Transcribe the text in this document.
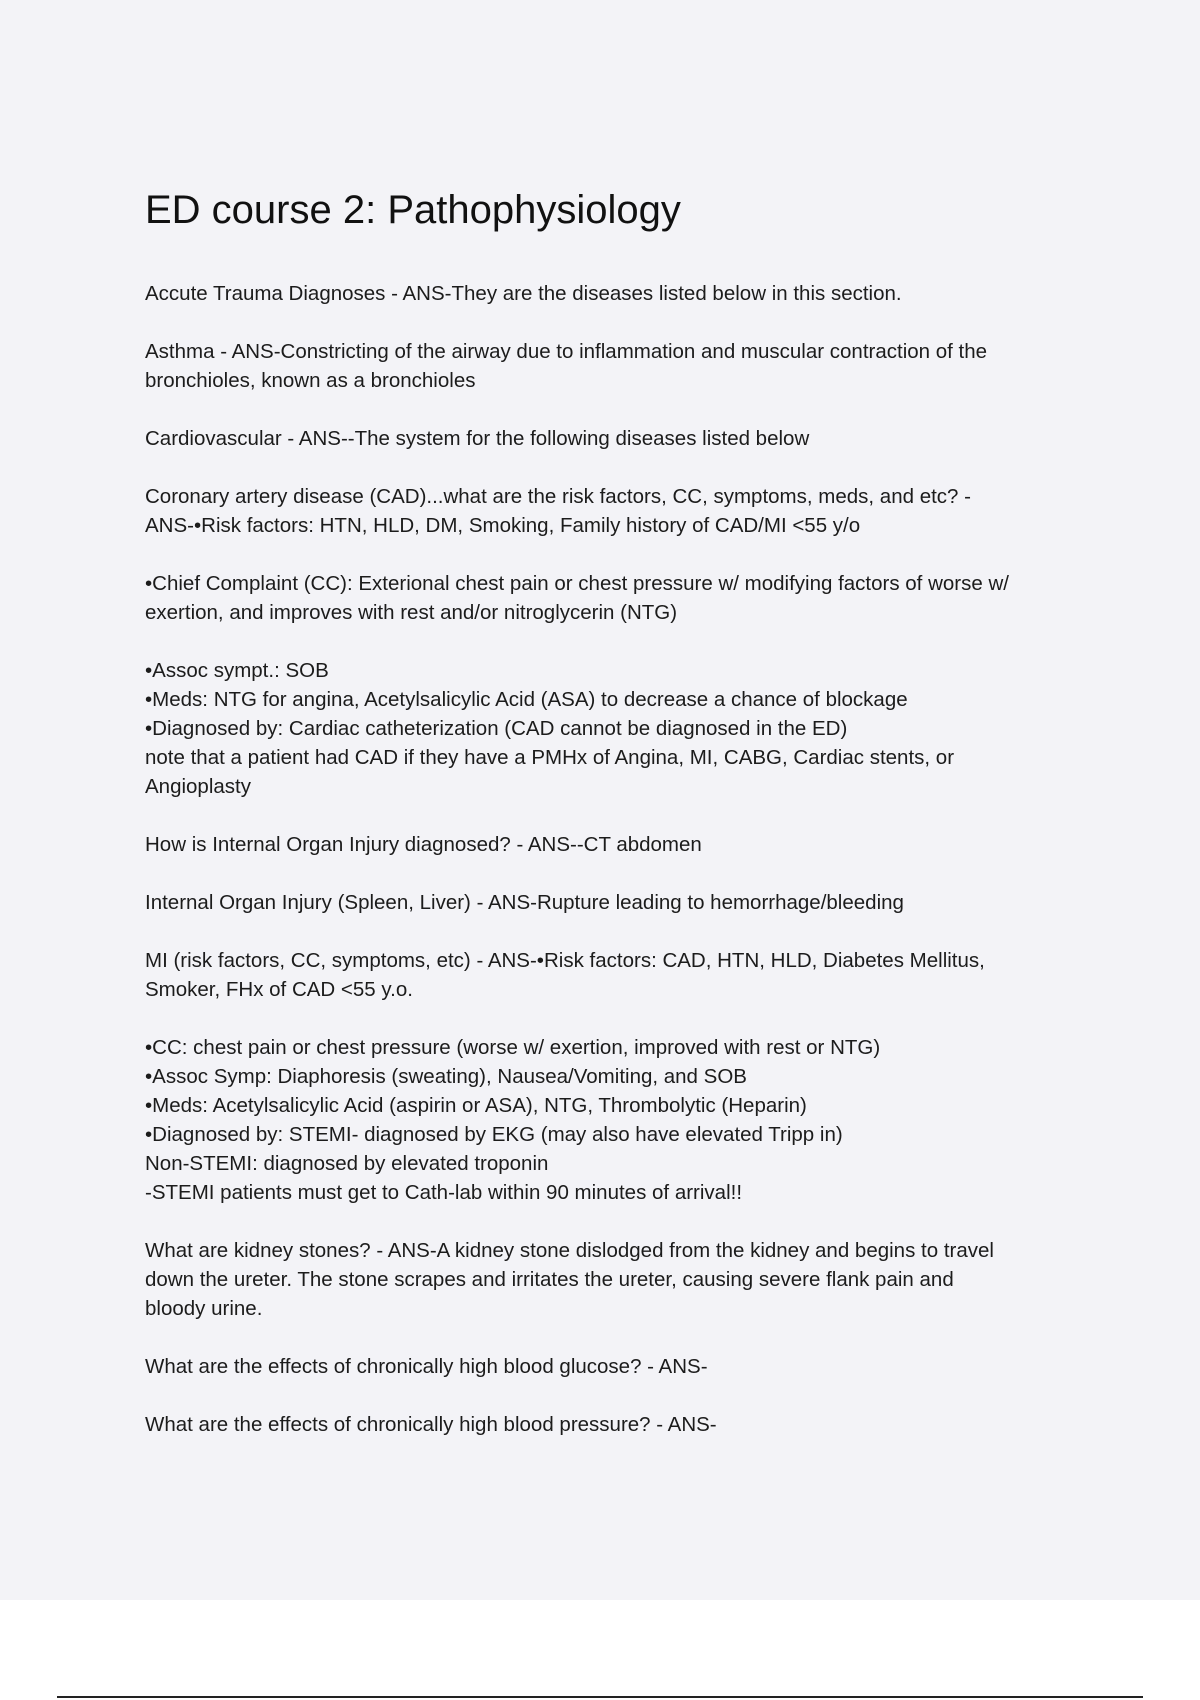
ED course 2: Pathophysiology
Accute Trauma Diagnoses - ANS-They are the diseases listed below in this section.
Asthma - ANS-Constricting of the airway due to inflammation and muscular contraction of the
bronchioles, known as a bronchioles
Cardiovascular - ANS--The system for the following diseases listed below
Coronary artery disease (CAD)...what are the risk factors, CC, symptoms, meds, and etc? -
ANS-•Risk factors: HTN, HLD, DM, Smoking, Family history of CAD/MI <55 y/o
•Chief Complaint (CC): Exterional chest pain or chest pressure w/ modifying factors of worse w/
exertion, and improves with rest and/or nitroglycerin (NTG)
•Assoc sympt.: SOB
•Meds: NTG for angina, Acetylsalicylic Acid (ASA) to decrease a chance of blockage
•Diagnosed by: Cardiac catheterization (CAD cannot be diagnosed in the ED)
note that a patient had CAD if they have a PMHx of Angina, MI, CABG, Cardiac stents, or
Angioplasty
How is Internal Organ Injury diagnosed? - ANS--CT abdomen
Internal Organ Injury (Spleen, Liver) - ANS-Rupture leading to hemorrhage/bleeding
MI (risk factors, CC, symptoms, etc) - ANS-•Risk factors: CAD, HTN, HLD, Diabetes Mellitus,
Smoker, FHx of CAD <55 y.o.
•CC: chest pain or chest pressure (worse w/ exertion, improved with rest or NTG)
•Assoc Symp: Diaphoresis (sweating), Nausea/Vomiting, and SOB
•Meds: Acetylsalicylic Acid (aspirin or ASA), NTG, Thrombolytic (Heparin)
•Diagnosed by: STEMI- diagnosed by EKG (may also have elevated Tripp in)
Non-STEMI: diagnosed by elevated troponin
-STEMI patients must get to Cath-lab within 90 minutes of arrival!!
What are kidney stones? - ANS-A kidney stone dislodged from the kidney and begins to travel
down the ureter. The stone scrapes and irritates the ureter, causing severe flank pain and
bloody urine.
What are the effects of chronically high blood glucose? - ANS-
What are the effects of chronically high blood pressure? - ANS-
